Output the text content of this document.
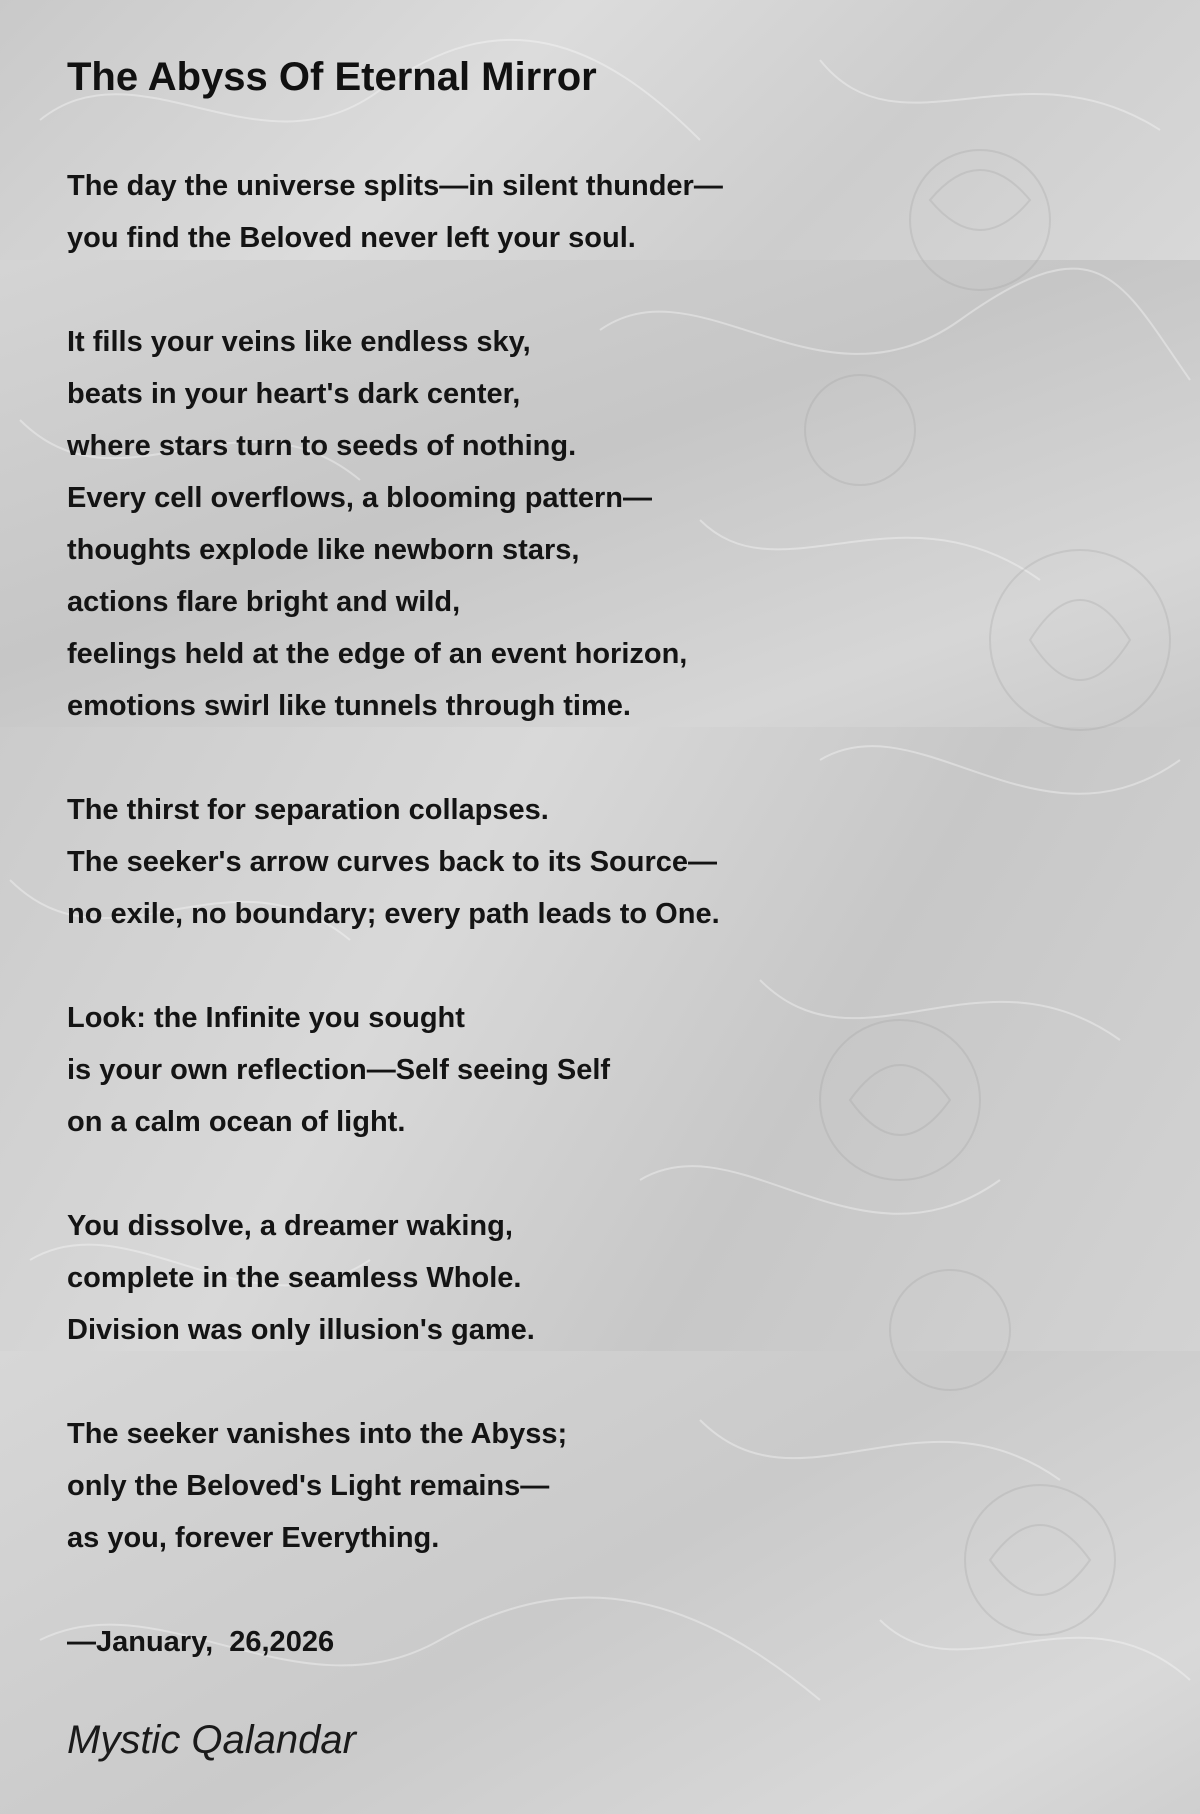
The Abyss Of Eternal Mirror
The day the universe splits—in silent thunder—
you find the Beloved never left your soul.
It fills your veins like endless sky,
beats in your heart's dark center,
where stars turn to seeds of nothing.
Every cell overflows, a blooming pattern—
thoughts explode like newborn stars,
actions flare bright and wild,
feelings held at the edge of an event horizon,
emotions swirl like tunnels through time.
The thirst for separation collapses.
The seeker's arrow curves back to its Source—
no exile, no boundary; every path leads to One.
Look: the Infinite you sought
is your own reflection—Self seeing Self
on a calm ocean of light.
You dissolve, a dreamer waking,
complete in the seamless Whole.
Division was only illusion's game.
The seeker vanishes into the Abyss;
only the Beloved's Light remains—
as you, forever Everything.
—January,  26,2026
Mystic Qalandar
